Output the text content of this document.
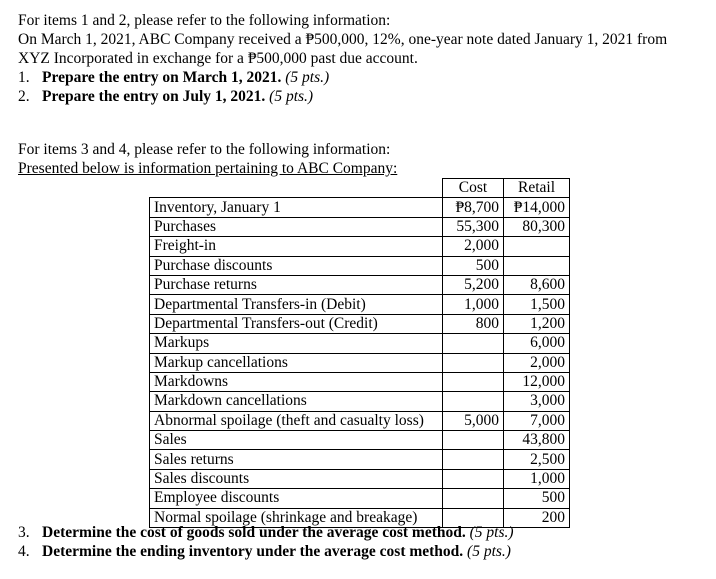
For items 1 and 2, please refer to the following information:
On March 1, 2021, ABC Company received a ₱500,000, 12%, one-year note dated January 1, 2021 from
XYZ Incorporated in exchange for a ₱500,000 past due account.
1. Prepare the entry on March 1, 2021. (5 pts.)
2. Prepare the entry on July 1, 2021. (5 pts.)
For items 3 and 4, please refer to the following information:
Presented below is information pertaining to ABC Company:
	Cost	Retail
Inventory, January 1	₱8,700	₱14,000
Purchases	55,300	80,300
Freight-in	2,000	
Purchase discounts	500	
Purchase returns	5,200	8,600
Departmental Transfers-in (Debit)	1,000	1,500
Departmental Transfers-out (Credit)	800	1,200
Markups		6,000
Markup cancellations		2,000
Markdowns		12,000
Markdown cancellations		3,000
Abnormal spoilage (theft and casualty loss)	5,000	7,000
Sales		43,800
Sales returns		2,500
Sales discounts		1,000
Employee discounts		500
Normal spoilage (shrinkage and breakage)		200
3. Determine the cost of goods sold under the average cost method. (5 pts.)
4. Determine the ending inventory under the average cost method. (5 pts.)
